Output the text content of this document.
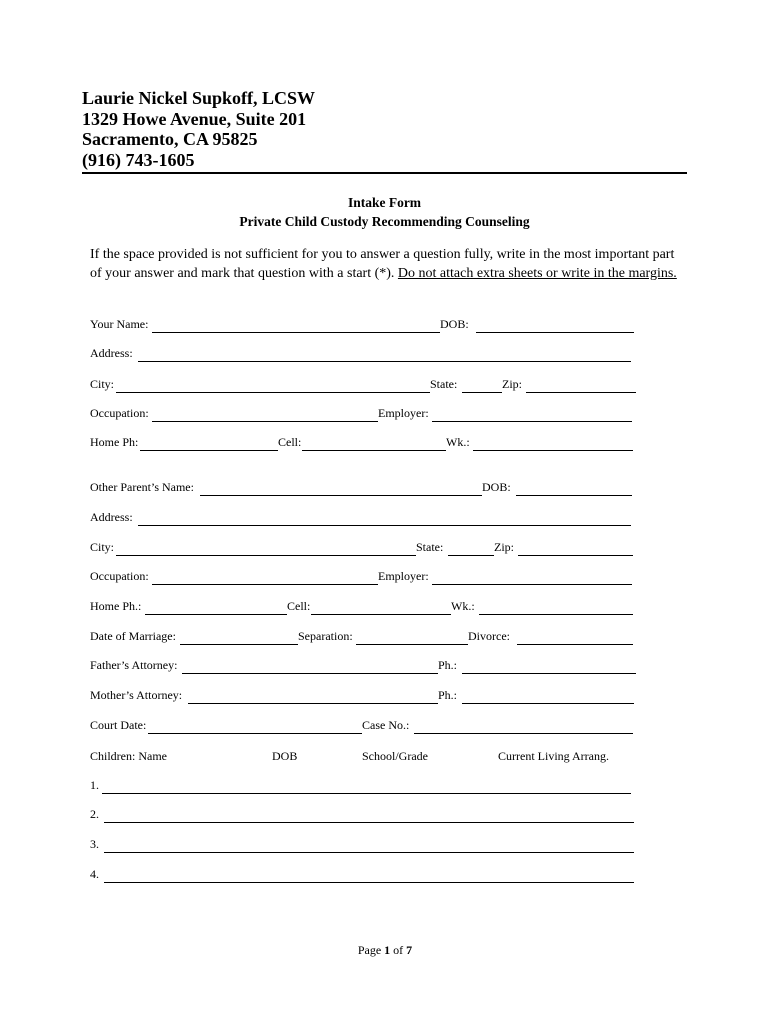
Laurie Nickel Supkoff, LCSW
1329 Howe Avenue, Suite 201
Sacramento, CA 95825
(916) 743-1605
Intake Form
Private Child Custody Recommending Counseling
If the space provided is not sufficient for you to answer a question fully, write in the most important part of your answer and mark that question with a start (*). Do not attach extra sheets or write in the margins.
Your Name:	DOB:
Address:
City:	State:	Zip:
Occupation:	Employer:
Home Ph:	Cell:	Wk.:
Other Parent’s Name:	DOB:
Address:
City:	State:	Zip:
Occupation:	Employer:
Home Ph.:	Cell:	Wk.:
Date of Marriage:	Separation:	Divorce:
Father’s Attorney:	Ph.:
Mother’s Attorney:	Ph.:
Court Date:	Case No.:
Children: Name	DOB	School/Grade	Current Living Arrang.
1.
2.
3.
4.
Page 1 of 7
